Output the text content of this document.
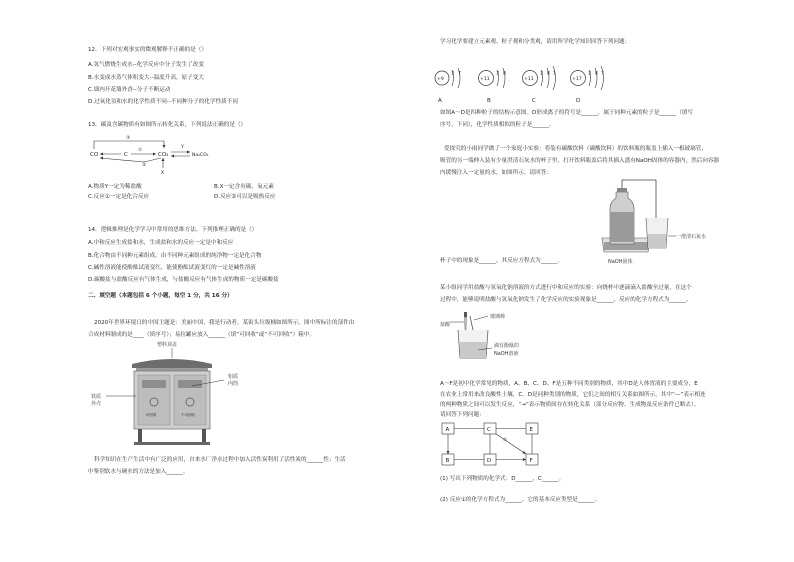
12．下列对宏观事实的微观解释不正确的是（）
A.氢气燃烧生成水--化学反应中分子发生了改变
B.水变成水蒸气体积变大--温度升高，原子变大
C.墙内开花墙外香--分子不断运动
D.过氧化氢和水的化学性质不同--不同种分子的化学性质不同
13．碳及含碳物质有如图所示转化关系，下列说法正确的是（）
CO	C	CO₂	Na₂CO₃
Y
X
①
②
③
A.物质Y一定为稀盐酸	B.X一定含有碳、氧元素
C.反应①一定是化合反应	D.反应②可以是吸热反应
14．逻辑推理是化学学习中常用的思维方法。下列推理正确的是（）
A.中和反应生成盐和水，生成盐和水的反应一定是中和反应
B.化合物由不同种元素组成，由不同种元素组成的纯净物一定是化合物
C.碱性溶液能使酚酞试液变红，能使酚酞试液变红的一定是碱性溶液
D.碳酸盐与盐酸反应有气体生成，与盐酸反应有气体生成的物质一定是碳酸盐
二、填空题（本题包括 6 个小题，每空 1 分，共 16 分）
2020年世界环境日的中国主题是：美丽中国，我是行动者。某街头垃圾桶如图所示。图中所标注的部件由
合成材料制成的是____（填序号）；易拉罐应放入______（填“可回收”或“不可回收”）箱中。
可回收	不可回收
塑料顶盖
铁质
外壳
铝质
内筒
科学知识在生产生活中有广泛的应用，自来水厂净水过程中加入活性炭利用了活性炭的______性；生活
中鉴别软水与硬水的方法是加入______。
学习化学要建立元素观、粒子观和分类观，请用所学化学知识回答下列问题：
+9
2 7
A
+11
2 8
B
+11
2 8 1
C
+17
2 8 7
D
如图A～D是四种粒子的结构示意图。D形成离子的符号是______，属于同种元素的粒子是______（填写
序号，下同），化学性质相似的粒子是______。
爱探究的小雨同学做了一个家庭小实验：将装有碳酸饮料（碳酸饮料）的饮料瓶的瓶盖上插入一根玻璃管，
吸管的另一端伸入装有少量澄清石灰水的杯子里，打开饮料瓶盖后将其插入盛有NaOH固体的容器内，然后向容器
内缓慢注入一定量的水，如图所示。请回答：
一澄清石灰水
NaOH固体
杯子中的现象是______，其反应方程式为______。
某小组同学用盐酸与氢氧化钠溶液的方式进行中和反应的实验：向烧杯中逐滴滴入盐酸至过量，在这个
过程中，能够说明盐酸与氢氧化钠发生了化学反应的实验现象是______，反应的化学方程式为______。
盐酸
玻璃棒
滴有酚酞的
NaOH溶液
A～F是初中化学常见的物质，A、B、C、D、F是五种不同类别的物质，其中D是人体胃液的主要成分，E
在农业上常用来改良酸性土壤，C、D是同种类别的物质，它们之间的相互关系如图所示，其中“—”表示相连
的两种物质之间可以发生反应，“→”表示物质间存在转化关系（部分反应物、生成物及反应条件已略去）。
请回答下列问题：
A
B
C
D
E
F
①
(1) 写出下列物质的化学式：D______，C______。
(2) 反应①的化学方程式为______，它的基本反应类型是______。
